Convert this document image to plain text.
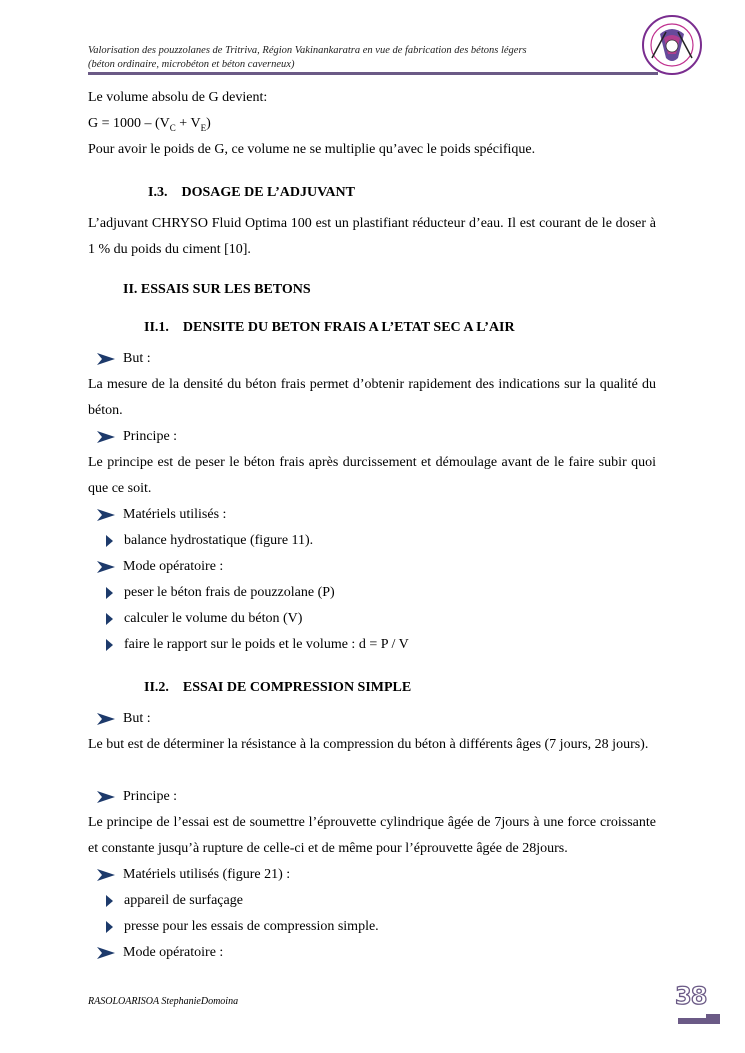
Valorisation des pouzzolanes de Tritriva, Région Vakinankaratra en vue de fabrication des bétons légers
(béton ordinaire, microbéton et béton caverneux)
Le volume absolu de G devient:
$G = 1000 - (V_C + V_E)$
Pour avoir le poids de G, ce volume ne se multiplie qu’avec le poids spécifique.
I.3. DOSAGE DE L’ADJUVANT
L’adjuvant CHRYSO Fluid Optima 100 est un plastifiant réducteur d’eau. Il est courant de le doser à 1 % du poids du ciment [10].
II. ESSAIS SUR LES BETONS
II.1. DENSITE DU BETON FRAIS A L’ETAT SEC A L’AIR
But :
La mesure de la densité du béton frais permet d’obtenir rapidement des indications sur la qualité du béton.
Principe :
Le principe est de peser le béton frais après durcissement et démoulage avant de le faire subir quoi que ce soit.
Matériels utilisés :
balance hydrostatique (figure 11).
Mode opératoire :
peser le béton frais de pouzzolane (P)
calculer le volume du béton (V)
faire le rapport sur le poids et le volume : d = P / V
II.2. ESSAI DE COMPRESSION SIMPLE
But :
Le but est de déterminer la résistance à la compression du béton à différents âges (7 jours, 28 jours).
Principe :
Le principe de l’essai est de soumettre l’éprouvette cylindrique âgée de 7jours à une force croissante et constante jusqu’à rupture de celle-ci et de même pour l’éprouvette âgée de 28jours.
Matériels utilisés (figure 21) :
appareil de surfaçage
presse pour les essais de compression simple.
Mode opératoire :
RASOLOARISOA StephanieDomoina	38
